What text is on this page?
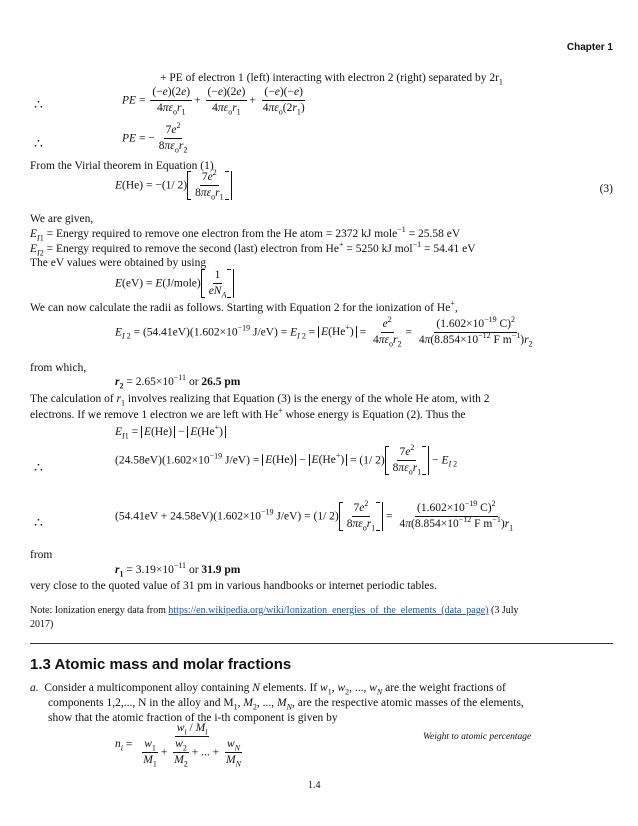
Chapter 1
+ PE of electron 1 (left) interacting with electron 2 (right) separated by $2r_1$
∴	PE = $\frac{(-e)(2e)}{4\pi\varepsilon_or_1} + \frac{(-e)(2e)}{4\pi\varepsilon_or_1} + \frac{(-e)(-e)}{4\pi\varepsilon_o(2r_1)}$
∴	PE = − $\frac{7e^2}{8\pi\varepsilon_or_2}$
From the Virial theorem in Equation (1)
E(He) = −(1/ $2) \frac{7e^2}{8\pi\varepsilon_or_1}$	(3)
We are given,
$E_{I1}$ = Energy required to remove one electron from the He atom = 2372 kJ mole$^{-1}$ = 25.58 eV
$E_{I2}$ = Energy required to remove the second (last) electron from He+ = 5250 kJ mol$^{-1}$ = 54.41 eV
The eV values were obtained by using
E(eV) = E(J/mole) $\frac{1}{eN_A}$
We can now calculate the radii as follows. Starting with Equation 2 for the ionization of He+,
$E_{I 2} = (54.41eV)(1.602\times 10^{-19}$ $J/eV) = E_{I 2} = E(He^+) = \frac{e^2}{4\pi\varepsilon_or_2} = \frac{(1.602\times 10^{-19} C)^2}{4\pi(8.854\times 10^{-12} F m^{-1})r_2}$
from which,
$r_2 = 2.65\times 10^{-11}$ or 26.5 pm
The calculation of $r_1$ involves realizing that Equation (3) is the energy of the whole He atom, with 2
electrons. If we remove 1 electron we are left with He+ whose energy is Equation (2). Thus the
$E_{I1} = E(He) - E(He^+)$
∴
$(24.58eV)(1.602\times 10^{-19}$ J/eV) = E(He) − E(He+) = (1/ $2) \frac{7e^2}{8\pi\varepsilon_or_1} - E_{I 2}$
∴	$(54.41eV + 24.58eV)(1.602\times 10^{-19}$ J/eV) = (1/ $2) \frac{7e^2}{8\pi\varepsilon_or_1} = \frac{(1.602\times 10^{-19} C)^2}{4\pi(8.854\times 10^{-12} F m^{-1})r_1}$
from
$r_1 = 3.19\times 10^{-11}$ or 31.9 pm
very close to the quoted value of 31 pm in various handbooks or internet periodic tables.
Note: Ionization energy data from https://en.wikipedia.org/wiki/Ionization_energies_of_the_elements_(data_page) (3 July
2017)
1.3 Atomic mass and molar fractions
a. Consider a multicomponent alloy containing N elements. If $w_1$, $w_2$, ..., $w_N$ are the weight fractions of
components 1,2,..., N in the alloy and $M_1$, $M_2$, ..., $M_N$, are the respective atomic masses of the elements,
show that the atomic fraction of the i-th component is given by
$n_i = \frac{w_i / M_i}{\frac{w_1}{M_1} + \frac{w_2}{M_2} + ... + \frac{w_N}{M_N}}$	Weight to atomic percentage
1.4
